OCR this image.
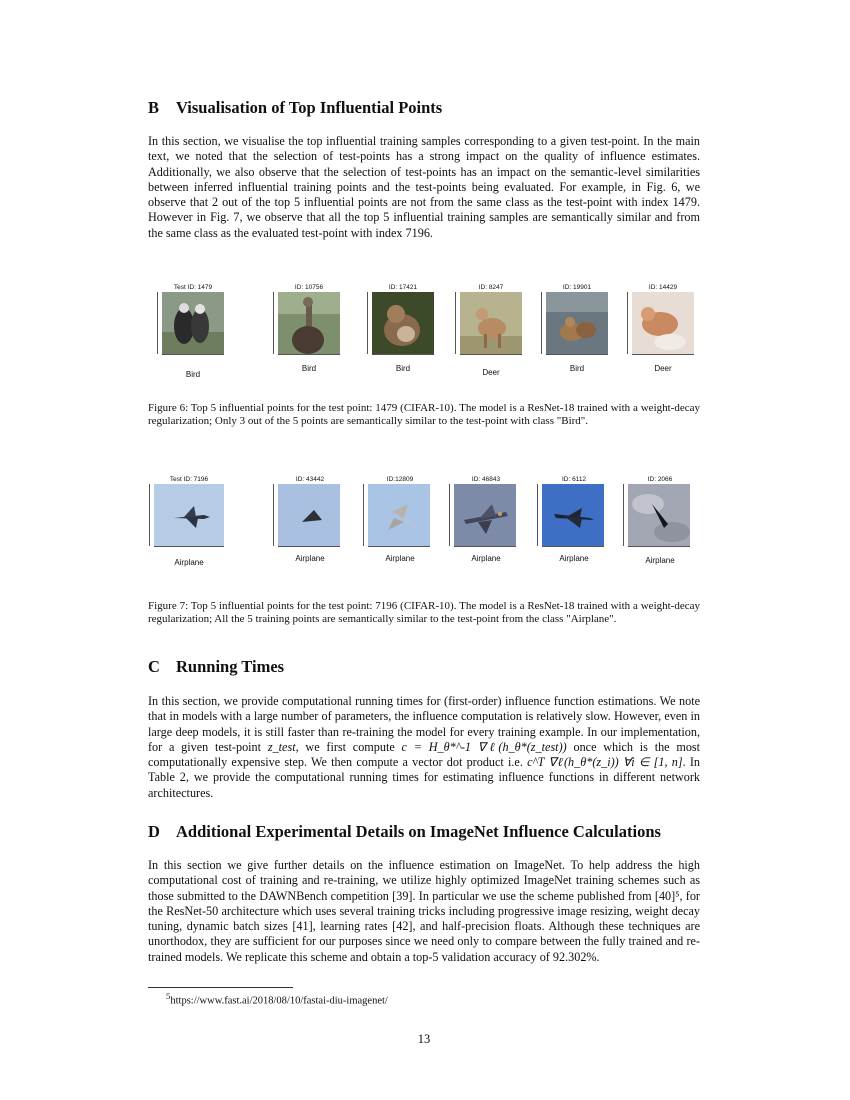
B Visualisation of Top Influential Points

In this section, we visualise the top influential training samples corresponding to a given test-point. In the main text, we noted that the selection of test-points has a strong impact on the quality of influence estimates. Additionally, we also observe that the selection of test-points has an impact on the semantic-level similarities between inferred influential training points and the test-points being evaluated. For example, in Fig. 6, we observe that 2 out of the top 5 influential points are not from the same class as the test-point with index 1479. However in Fig. 7, we observe that all the top 5 influential training samples are semantically similar and from the same class as the evaluated test-point with index 7196.

Test ID: 1479
Bird
ID: 10756
Bird
ID: 17421
Bird
ID: 8247
Deer
ID: 19901
Bird
ID: 14429
Deer

Figure 6: Top 5 influential points for the test point: 1479 (CIFAR-10). The model is a ResNet-18 trained with a weight-decay regularization; Only 3 out of the 5 points are semantically similar to the test-point with class "Bird".

Test ID: 7196
Airplane
ID: 43442
Airplane
ID:12809
Airplane
ID: 46843
Airplane
ID: 6112
Airplane
ID: 2066
Airplane

Figure 7: Top 5 influential points for the test point: 7196 (CIFAR-10). The model is a ResNet-18 trained with a weight-decay regularization; All the 5 training points are semantically similar to the test-point from the class "Airplane".

C Running Times

In this section, we provide computational running times for (first-order) influence function estimations. We note that in models with a large number of parameters, the influence computation is relatively slow. However, even in large deep models, it is still faster than re-training the model for every training example. In our implementation, for a given test-point z_test, we first compute c = H_θ*^-1 ∇ℓ(h_θ*(z_test)) once which is the most computationally expensive step. We then compute a vector dot product i.e. c^T ∇ℓ(h_θ*(z_i)) ∀i ∈ [1, n]. In Table 2, we provide the computational running times for estimating influence functions in different network architectures.

D Additional Experimental Details on ImageNet Influence Calculations

In this section we give further details on the influence estimation on ImageNet. To help address the high computational cost of training and re-training, we utilize highly optimized ImageNet training schemes such as those submitted to the DAWNBench competition [39]. In particular we use the scheme published from [40]⁵, for the ResNet-50 architecture which uses several training tricks including progressive image resizing, weight decay tuning, dynamic batch sizes [41], learning rates [42], and half-precision floats. Although these techniques are unorthodox, they are sufficient for our purposes since we need only to compare between the fully trained and re-trained models. We replicate this scheme and obtain a top-5 validation accuracy of 92.302%.

$^5$https://www.fast.ai/2018/08/10/fastai-diu-imagenet/
13
